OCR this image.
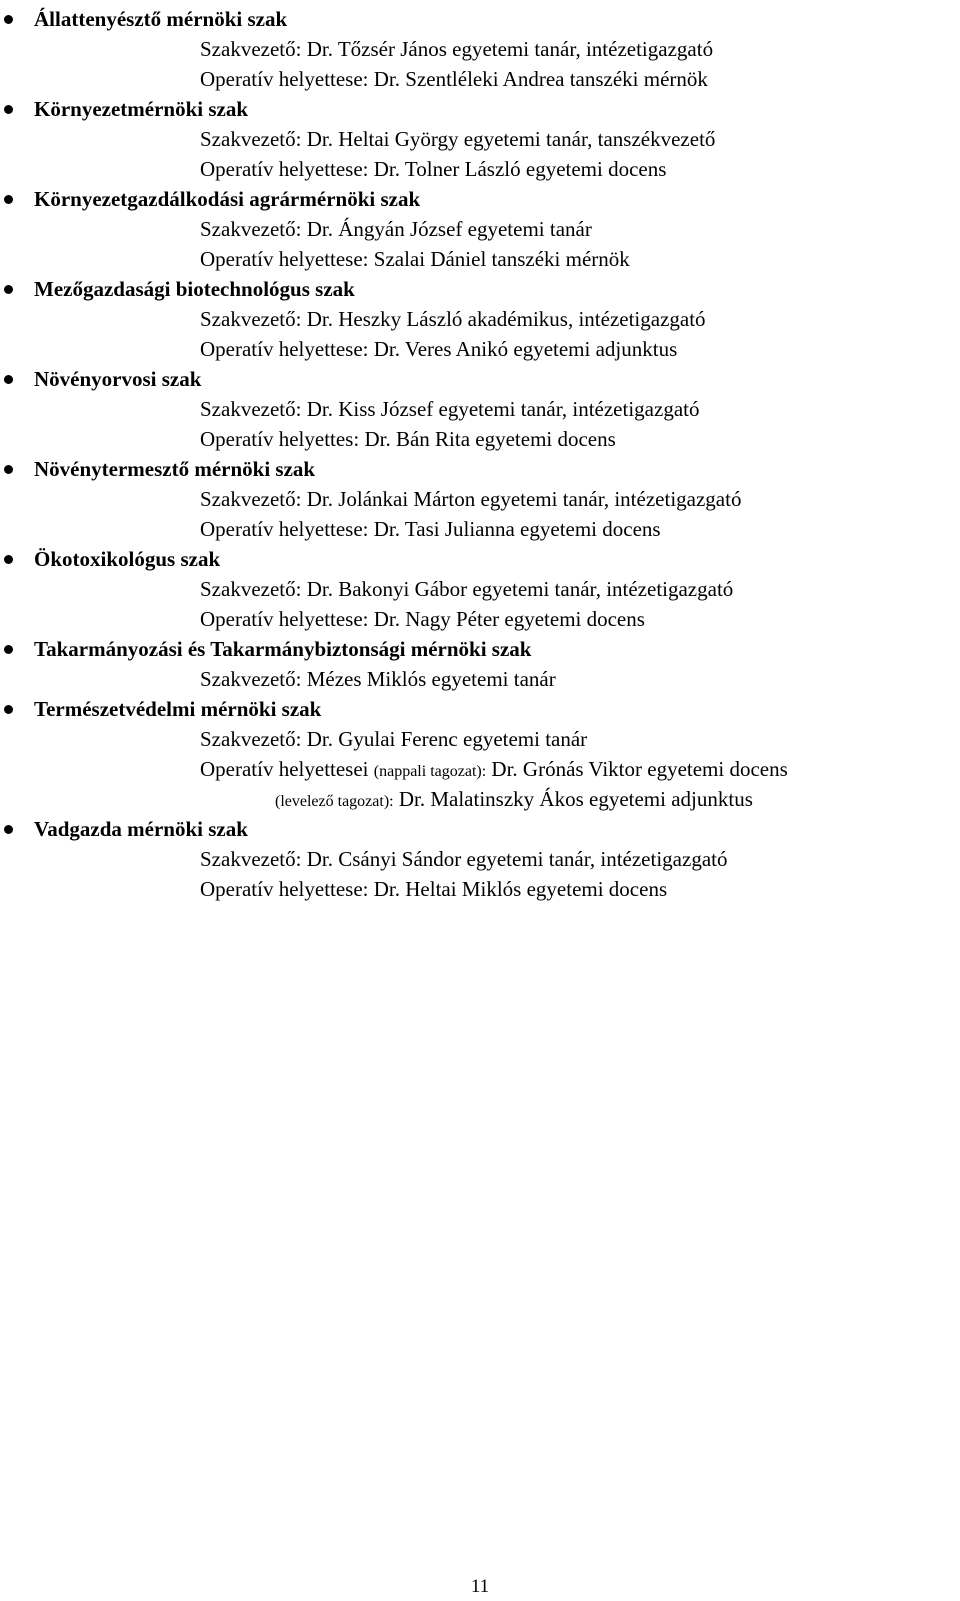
Állattenyésztő mérnöki szak
Szakvezető: Dr. Tőzsér János egyetemi tanár, intézetigazgató
Operatív helyettese: Dr. Szentléleki Andrea tanszéki mérnök
Környezetmérnöki szak
Szakvezető: Dr. Heltai György egyetemi tanár, tanszékvezető
Operatív helyettese: Dr. Tolner László egyetemi docens
Környezetgazdálkodási agrármérnöki szak
Szakvezető: Dr. Ángyán József egyetemi tanár
Operatív helyettese: Szalai Dániel tanszéki mérnök
Mezőgazdasági biotechnológus szak
Szakvezető: Dr. Heszky László akadémikus, intézetigazgató
Operatív helyettese: Dr. Veres Anikó egyetemi adjunktus
Növényorvosi szak
Szakvezető: Dr. Kiss József egyetemi tanár, intézetigazgató
Operatív helyettes: Dr. Bán Rita egyetemi docens
Növénytermesztő mérnöki szak
Szakvezető: Dr. Jolánkai Márton egyetemi tanár, intézetigazgató
Operatív helyettese: Dr. Tasi Julianna egyetemi docens
Ökotoxikológus szak
Szakvezető: Dr. Bakonyi Gábor egyetemi tanár, intézetigazgató
Operatív helyettese: Dr. Nagy Péter egyetemi docens
Takarmányozási és Takarmánybiztonsági mérnöki szak
Szakvezető: Mézes Miklós egyetemi tanár
Természetvédelmi mérnöki szak
Szakvezető: Dr. Gyulai Ferenc egyetemi tanár
Operatív helyettesei (nappali tagozat): Dr. Grónás Viktor egyetemi docens
(levelező tagozat): Dr. Malatinszky Ákos egyetemi adjunktus
Vadgazda mérnöki szak
Szakvezető: Dr. Csányi Sándor egyetemi tanár, intézetigazgató
Operatív helyettese: Dr. Heltai Miklós egyetemi docens
11
